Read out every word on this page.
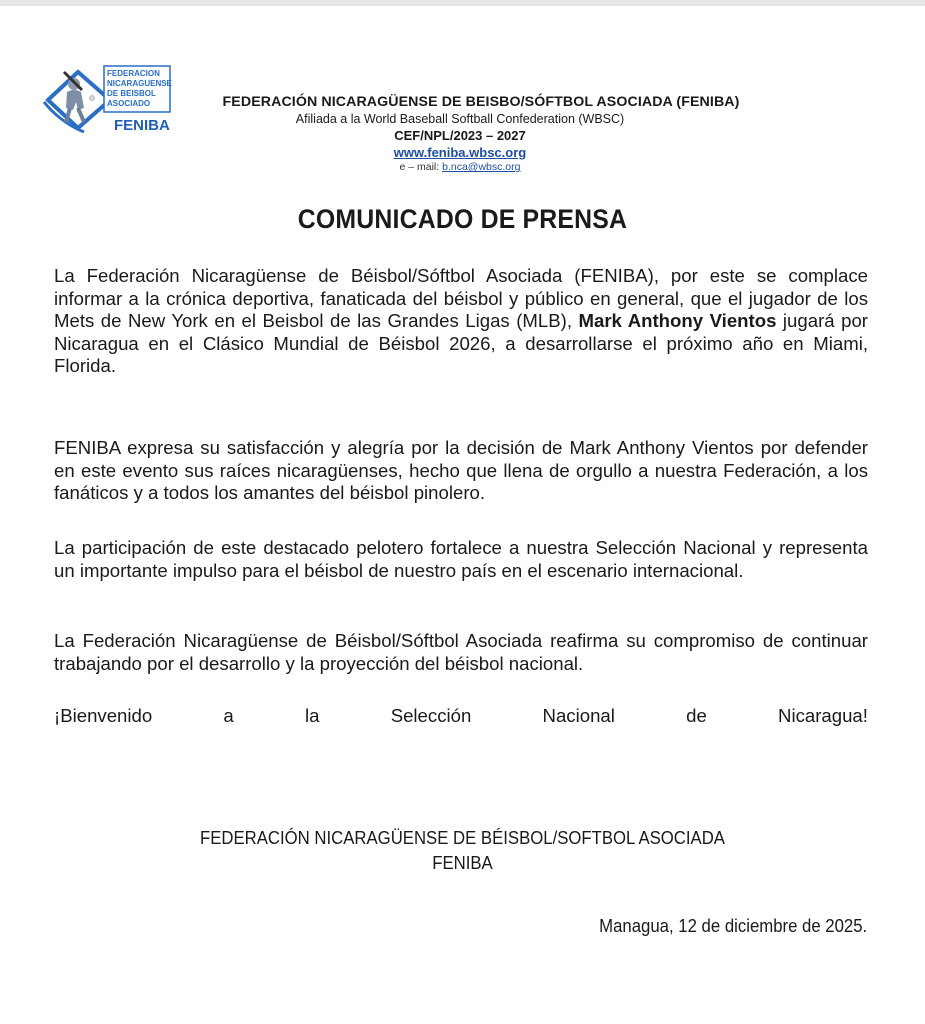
FEDERACION
NICARAGUENSE
DE BEISBOL
ASOCIADO
FENIBA
FEDERACIÓN NICARAGÜENSE DE BEISBO/SÓFTBOL ASOCIADA (FENIBA)
Afiliada a la World Baseball Softball Confederation (WBSC)
CEF/NPL/2023 – 2027
www.feniba.wbsc.org
e – mail: b.nca@wbsc.org
COMUNICADO DE PRENSA

La Federación Nicaragüense de Béisbol/Sóftbol Asociada (FENIBA), por este se complace informar a la crónica deportiva, fanaticada del béisbol y público en general, que el jugador de los Mets de New York en el Beisbol de las Grandes Ligas (MLB), Mark Anthony Vientos jugará por Nicaragua en el Clásico Mundial de Béisbol 2026, a desarrollarse el próximo año en Miami, Florida.

FENIBA expresa su satisfacción y alegría por la decisión de Mark Anthony Vientos por defender en este evento sus raíces nicaragüenses, hecho que llena de orgullo a nuestra Federación, a los fanáticos y a todos los amantes del béisbol pinolero.

La participación de este destacado pelotero fortalece a nuestra Selección Nacional y representa un importante impulso para el béisbol de nuestro país en el escenario internacional.

La Federación Nicaragüense de Béisbol/Sóftbol Asociada reafirma su compromiso de continuar trabajando por el desarrollo y la proyección del béisbol nacional.

¡Bienvenido	a	la	Selección	Nacional	de	Nicaragua!
FEDERACIÓN NICARAGÜENSE DE BÉISBOL/SOFTBOL ASOCIADA
FENIBA
Managua, 12 de diciembre de 2025.
